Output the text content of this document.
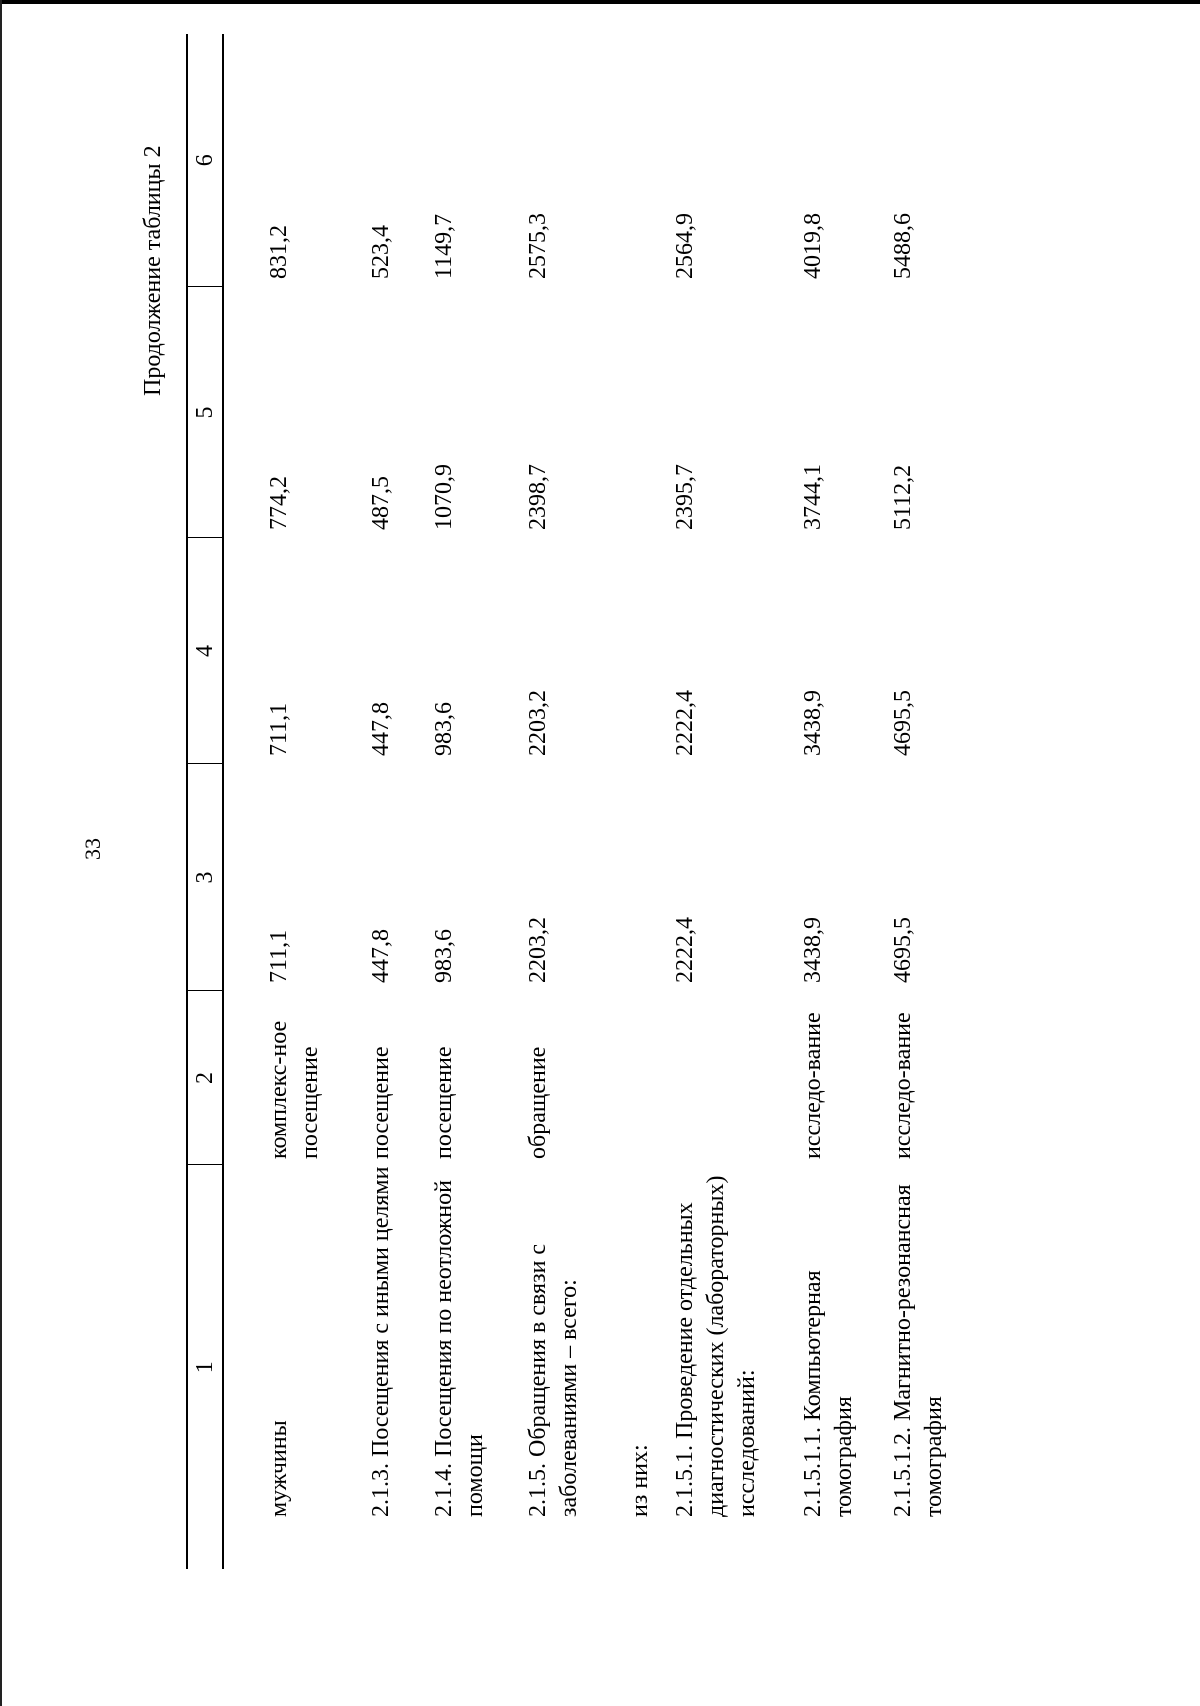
33
Продолжение таблицы 2
1	2	3	4	5	6
мужчины	комплекс-ное посещение	711,1	711,1	774,2	831,2
2.1.3. Посещения с иными целями	посещение	447,8	447,8	487,5	523,4
2.1.4. Посещения по неотложной помощи	посещение	983,6	983,6	1070,9	1149,7
2.1.5. Обращения в связи с заболеваниями – всего:	обращение	2203,2	2203,2	2398,7	2575,3
из них:					
2.1.5.1. Проведение отдельных диагностических (лабораторных) исследований:		2222,4	2222,4	2395,7	2564,9
2.1.5.1.1. Компьютерная томография	исследо-вание	3438,9	3438,9	3744,1	4019,8
2.1.5.1.2. Магнитно-резонансная томография	исследо-вание	4695,5	4695,5	5112,2	5488,6
